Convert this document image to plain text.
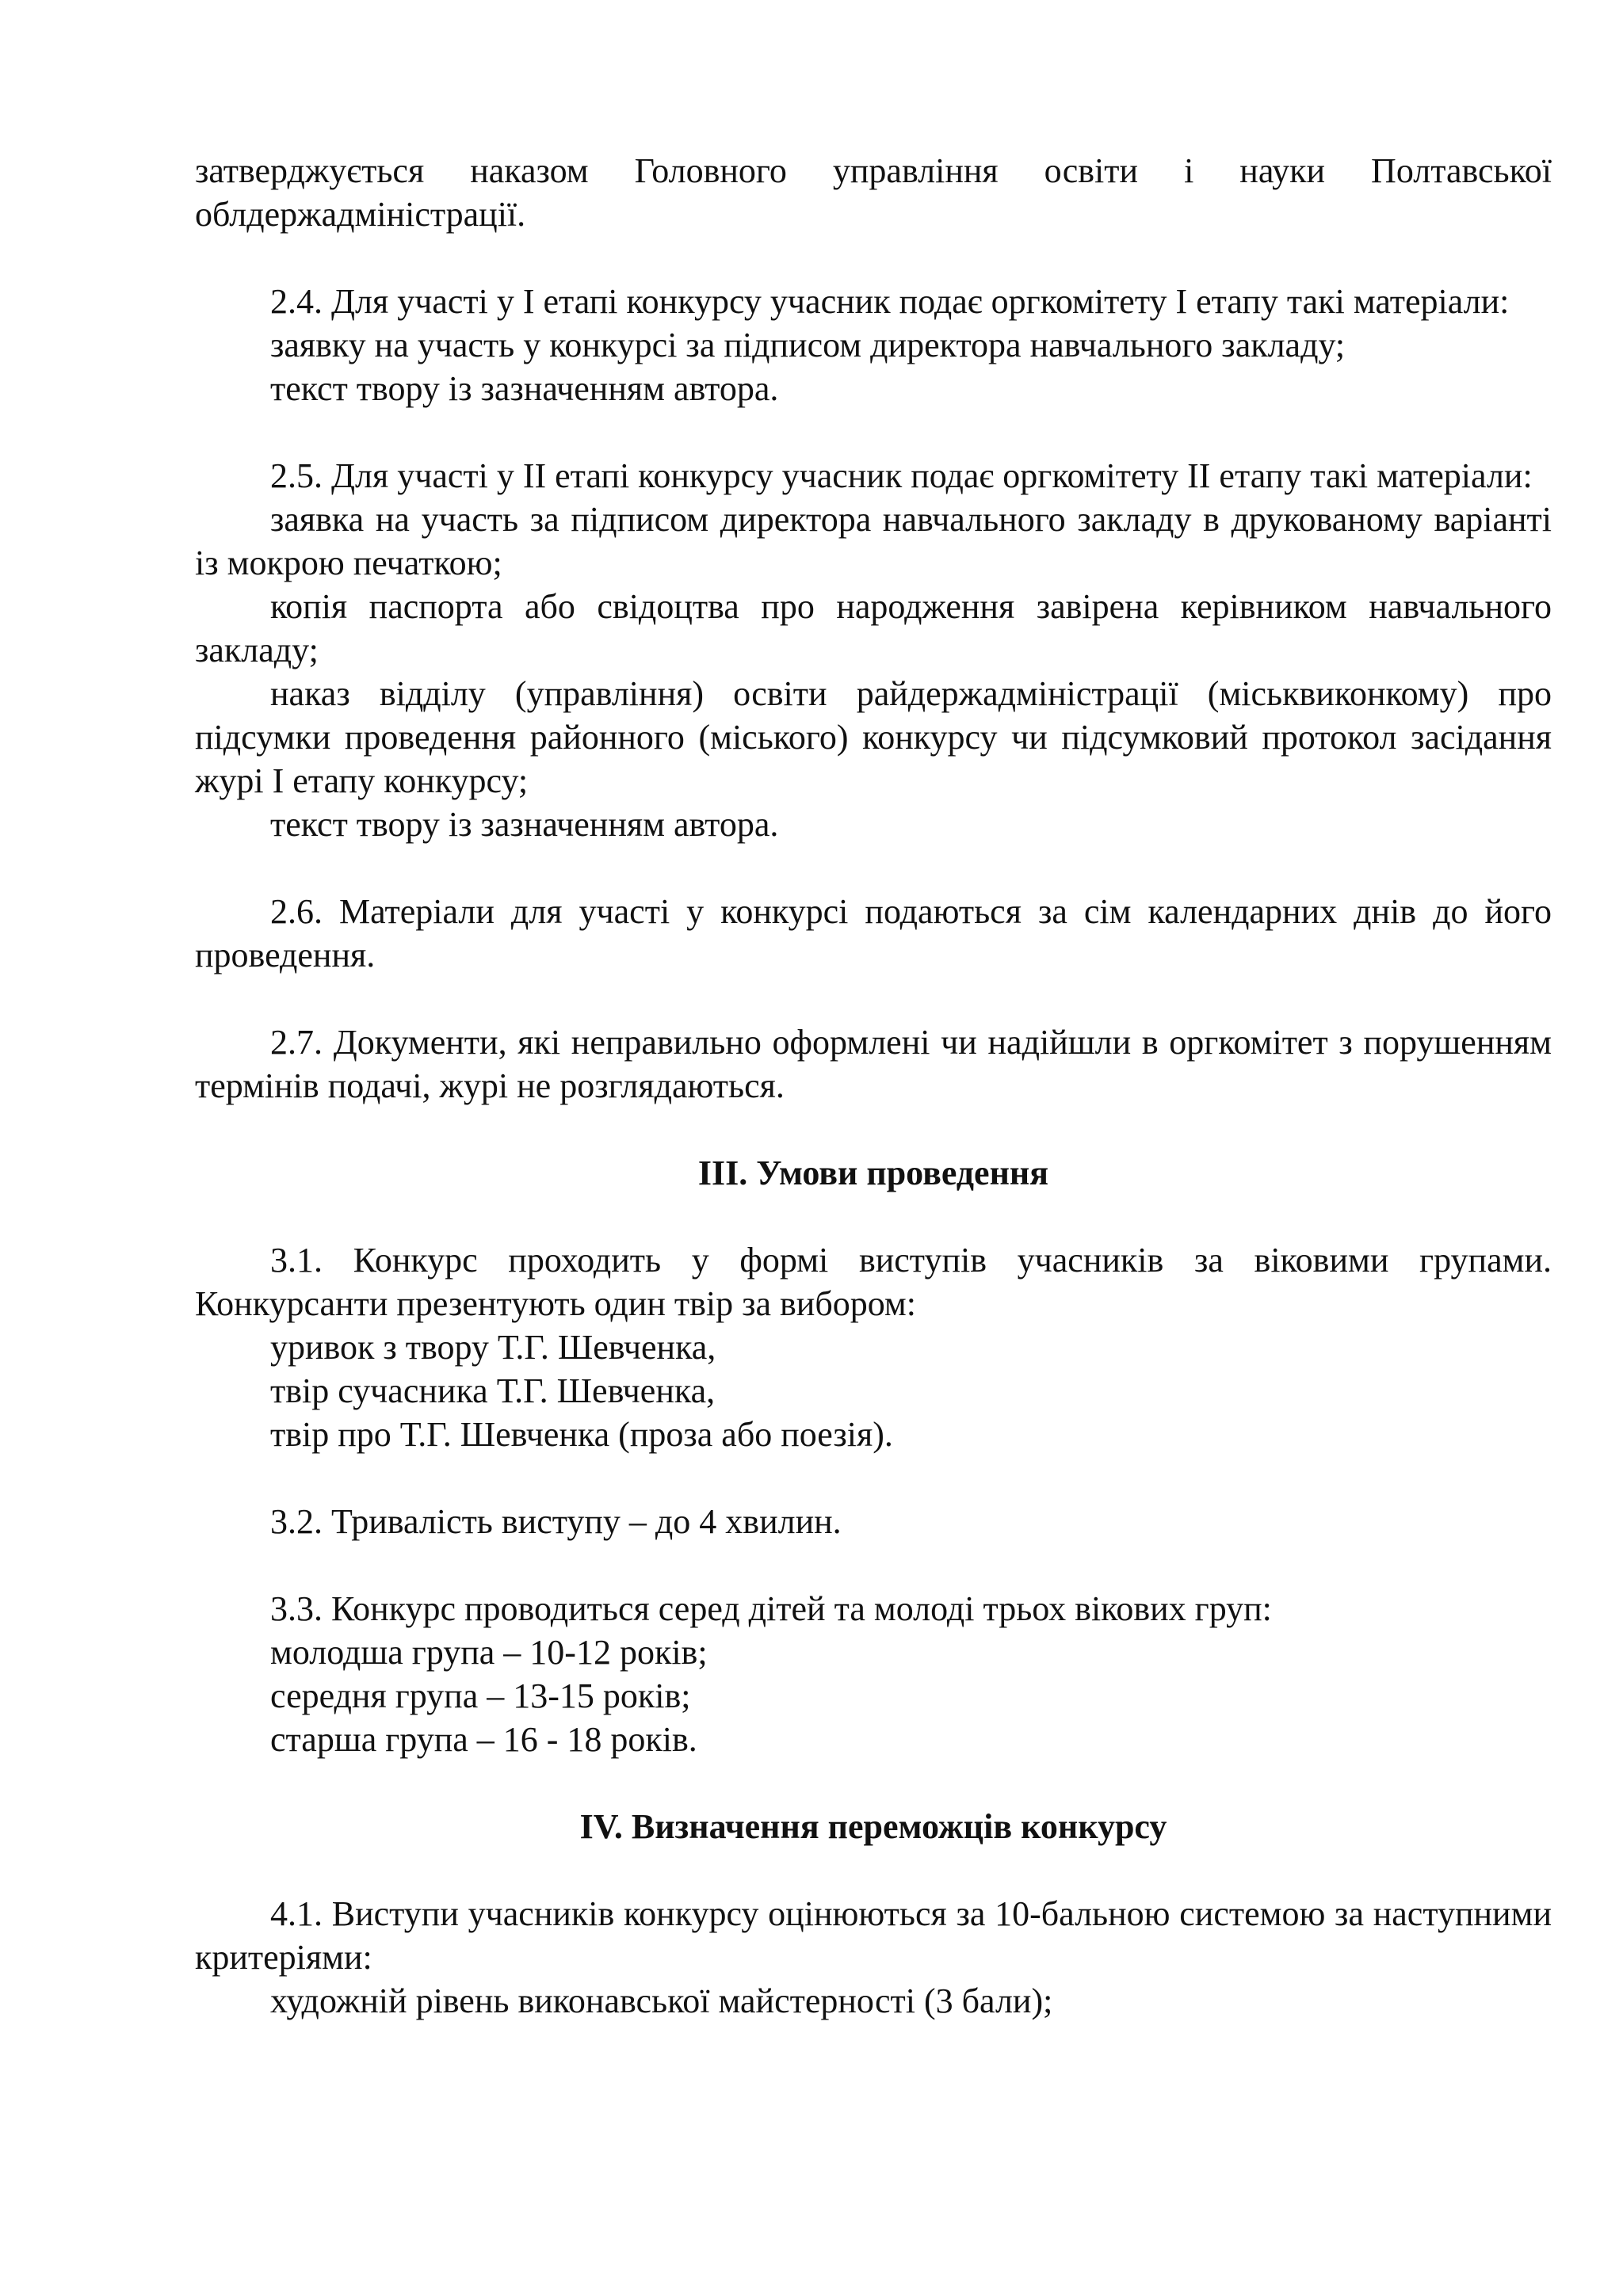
затверджується наказом Головного управління освіти і науки Полтавської облдержадміністрації.

2.4. Для участі у I етапі конкурсу учасник подає оргкомітету I етапу такі матеріали:

заявку на участь у конкурсі за підписом директора навчального закладу;

текст твору із зазначенням автора.

2.5. Для участі у II етапі конкурсу учасник подає оргкомітету II етапу такі матеріали:

заявка на участь за підписом директора навчального закладу в друкованому варіанті із мокрою печаткою;

копія паспорта або свідоцтва про народження завірена керівником навчального закладу;

наказ відділу (управління) освіти райдержадміністрації (міськвиконкому) про підсумки проведення районного (міського) конкурсу чи підсумковий протокол засідання журі I етапу конкурсу;

текст твору із зазначенням автора.

2.6. Матеріали для участі у конкурсі подаються за сім календарних днів до його проведення.

2.7. Документи, які неправильно оформлені чи надійшли в оргкомітет з порушенням термінів подачі, журі не розглядаються.

III. Умови проведення

3.1. Конкурс проходить у формі виступів учасників за віковими групами. Конкурсанти презентують один твір за вибором:

уривок з твору Т.Г. Шевченка,

твір сучасника Т.Г. Шевченка,

твір про Т.Г. Шевченка (проза або поезія).

3.2. Тривалість виступу – до 4 хвилин.

3.3. Конкурс проводиться серед дітей та молоді трьох вікових груп:

молодша група – 10-12 років;

середня група – 13-15 років;

старша група – 16 - 18 років.

IV. Визначення переможців конкурсу

4.1. Виступи учасників конкурсу оцінюються за 10-бальною системою за наступними критеріями:

художній рівень виконавської майстерності (3 бали);
